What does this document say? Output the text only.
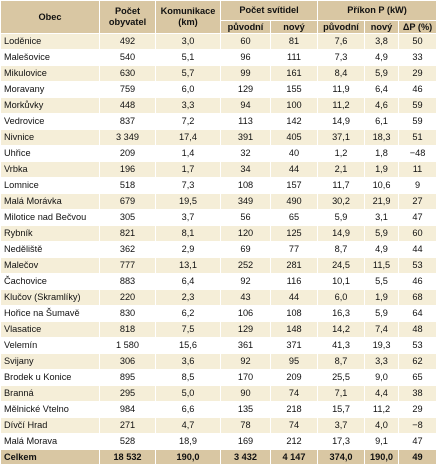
Obec	Počet obyvatel	Komunikace (km)	Počet svítidel		Příkon P (kW)		
			původní	nový	původní	nový	ΔP (%)
Loděnice	492	3,0	60	81	7,6	3,8	50
Malešovice	540	5,1	96	111	7,3	4,9	33
Mikulovice	630	5,7	99	161	8,4	5,9	29
Moravany	759	6,0	129	155	11,9	6,4	46
Morkůvky	448	3,3	94	100	11,2	4,6	59
Vedrovice	837	7,2	113	142	14,9	6,1	59
Nivnice	3 349	17,4	391	405	37,1	18,3	51
Uhřice	209	1,4	32	40	1,2	1,8	−48
Vrbka	196	1,7	34	44	2,1	1,9	11
Lomnice	518	7,3	108	157	11,7	10,6	9
Malá Morávka	679	19,5	349	490	30,2	21,9	27
Milotice nad Bečvou	305	3,7	56	65	5,9	3,1	47
Rybník	821	8,1	120	125	14,9	5,9	60
Neděliště	362	2,9	69	77	8,7	4,9	44
Malečov	777	13,1	252	281	24,5	11,5	53
Čachovice	883	6,4	92	116	10,1	5,5	46
Klučov (Skramlíky)	220	2,3	43	44	6,0	1,9	68
Hořice na Šumavě	830	6,2	106	108	16,3	5,9	64
Vlasatice	818	7,5	129	148	14,2	7,4	48
Velemín	1 580	15,6	361	371	41,3	19,3	53
Svijany	306	3,6	92	95	8,7	3,3	62
Brodek u Konice	895	8,5	170	209	25,5	9,0	65
Branná	295	5,0	90	74	7,1	4,4	38
Mělnické Vtelno	984	6,6	135	218	15,7	11,2	29
Dívčí Hrad	271	4,7	78	74	3,7	4,0	−8
Malá Morava	528	18,9	169	212	17,3	9,1	47
Celkem	18 532	190,0	3 432	4 147	374,0	190,0	49
